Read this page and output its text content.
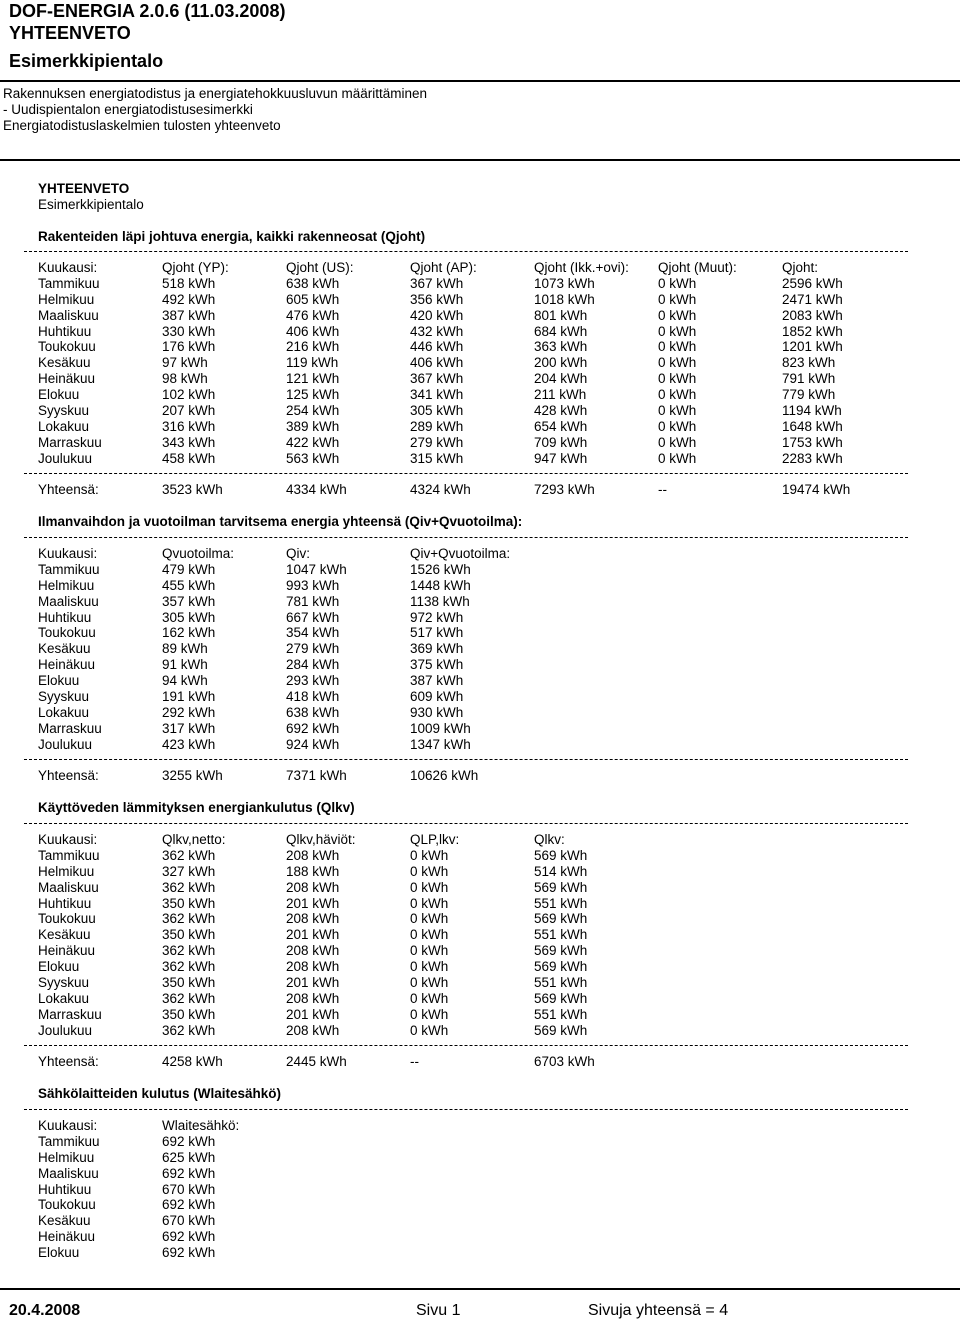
DOF-ENERGIA 2.0.6 (11.03.2008)
YHTEENVETO
Esimerkkipientalo
Rakennuksen energiatodistus ja energiatehokkuusluvun määrittäminen
- Uudispientalon energiatodistusesimerkki
Energiatodistuslaskelmien tulosten yhteenveto
YHTEENVETO
Esimerkkipientalo
Rakenteiden läpi johtuva energia, kaikki rakenneosat (Qjoht)
Kuukausi:	Qjoht (YP):	Qjoht (US):	Qjoht (AP):	Qjoht (Ikk.+ovi):	Qjoht (Muut):	Qjoht:
Tammikuu	518 kWh	638 kWh	367 kWh	1073 kWh	0 kWh	2596 kWh
Helmikuu	492 kWh	605 kWh	356 kWh	1018 kWh	0 kWh	2471 kWh
Maaliskuu	387 kWh	476 kWh	420 kWh	801 kWh	0 kWh	2083 kWh
Huhtikuu	330 kWh	406 kWh	432 kWh	684 kWh	0 kWh	1852 kWh
Toukokuu	176 kWh	216 kWh	446 kWh	363 kWh	0 kWh	1201 kWh
Kesäkuu	97 kWh	119 kWh	406 kWh	200 kWh	0 kWh	823 kWh
Heinäkuu	98 kWh	121 kWh	367 kWh	204 kWh	0 kWh	791 kWh
Elokuu	102 kWh	125 kWh	341 kWh	211 kWh	0 kWh	779 kWh
Syyskuu	207 kWh	254 kWh	305 kWh	428 kWh	0 kWh	1194 kWh
Lokakuu	316 kWh	389 kWh	289 kWh	654 kWh	0 kWh	1648 kWh
Marraskuu	343 kWh	422 kWh	279 kWh	709 kWh	0 kWh	1753 kWh
Joulukuu	458 kWh	563 kWh	315 kWh	947 kWh	0 kWh	2283 kWh
Yhteensä:	3523 kWh	4334 kWh	4324 kWh	7293 kWh	--	19474 kWh
Ilmanvaihdon ja vuotoilman tarvitsema energia yhteensä (Qiv+Qvuotoilma):
Kuukausi:	Qvuotoilma:	Qiv:	Qiv+Qvuotoilma:
Tammikuu	479 kWh	1047 kWh	1526 kWh
Helmikuu	455 kWh	993 kWh	1448 kWh
Maaliskuu	357 kWh	781 kWh	1138 kWh
Huhtikuu	305 kWh	667 kWh	972 kWh
Toukokuu	162 kWh	354 kWh	517 kWh
Kesäkuu	89 kWh	279 kWh	369 kWh
Heinäkuu	91 kWh	284 kWh	375 kWh
Elokuu	94 kWh	293 kWh	387 kWh
Syyskuu	191 kWh	418 kWh	609 kWh
Lokakuu	292 kWh	638 kWh	930 kWh
Marraskuu	317 kWh	692 kWh	1009 kWh
Joulukuu	423 kWh	924 kWh	1347 kWh
Yhteensä:	3255 kWh	7371 kWh	10626 kWh
Käyttöveden lämmityksen energiankulutus (Qlkv)
Kuukausi:	Qlkv,netto:	Qlkv,häviöt:	QLP,lkv:	Qlkv:
Tammikuu	362 kWh	208 kWh	0 kWh	569 kWh
Helmikuu	327 kWh	188 kWh	0 kWh	514 kWh
Maaliskuu	362 kWh	208 kWh	0 kWh	569 kWh
Huhtikuu	350 kWh	201 kWh	0 kWh	551 kWh
Toukokuu	362 kWh	208 kWh	0 kWh	569 kWh
Kesäkuu	350 kWh	201 kWh	0 kWh	551 kWh
Heinäkuu	362 kWh	208 kWh	0 kWh	569 kWh
Elokuu	362 kWh	208 kWh	0 kWh	569 kWh
Syyskuu	350 kWh	201 kWh	0 kWh	551 kWh
Lokakuu	362 kWh	208 kWh	0 kWh	569 kWh
Marraskuu	350 kWh	201 kWh	0 kWh	551 kWh
Joulukuu	362 kWh	208 kWh	0 kWh	569 kWh
Yhteensä:	4258 kWh	2445 kWh	--	6703 kWh
Sähkölaitteiden kulutus (Wlaitesähkö)
Kuukausi:	Wlaitesähkö:
Tammikuu	692 kWh
Helmikuu	625 kWh
Maaliskuu	692 kWh
Huhtikuu	670 kWh
Toukokuu	692 kWh
Kesäkuu	670 kWh
Heinäkuu	692 kWh
Elokuu	692 kWh
20.4.2008	Sivu 1	Sivuja yhteensä = 4
